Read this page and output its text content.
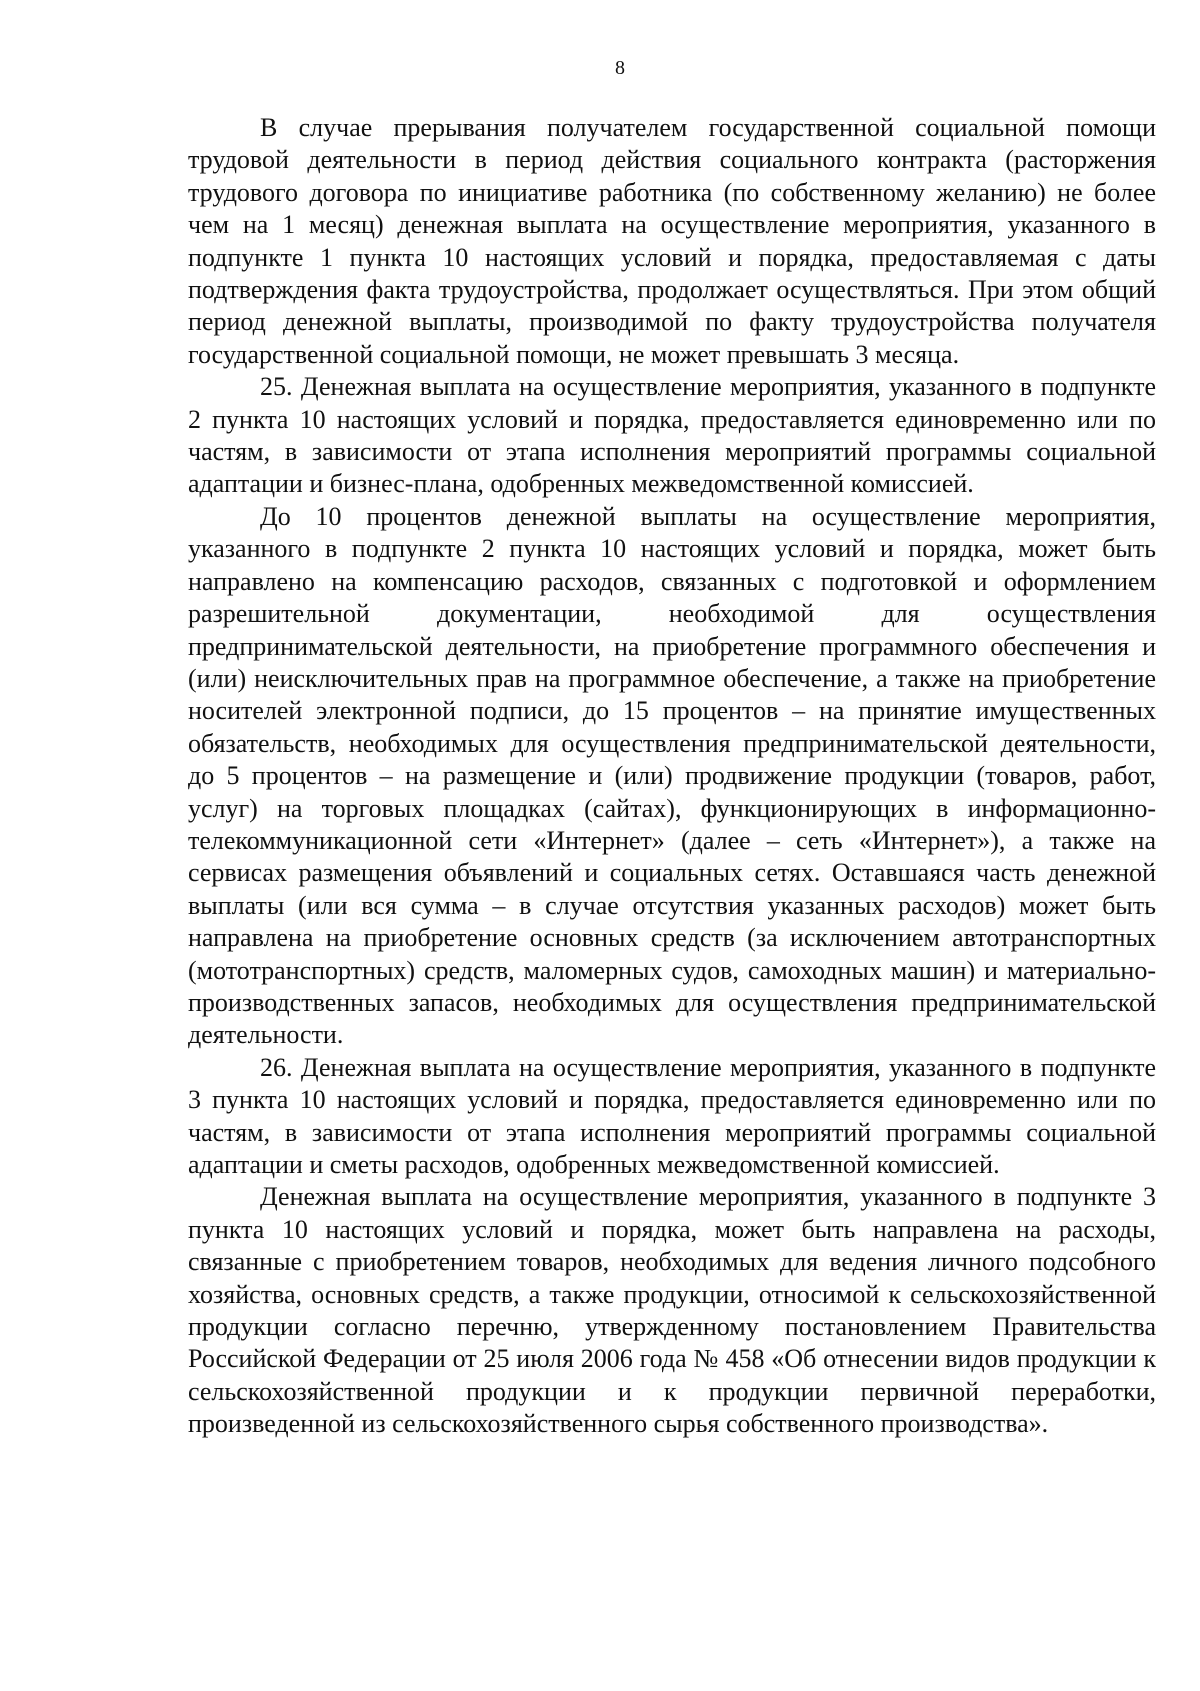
8

В случае прерывания получателем государственной социальной помощи трудовой деятельности в период действия социального контракта (расторжения трудового договора по инициативе работника (по собственному желанию) не более чем на 1 месяц) денежная выплата на осуществление мероприятия, указанного в подпункте 1 пункта 10 настоящих условий и порядка, предоставляемая с даты подтверждения факта трудоустройства, продолжает осуществляться. При этом общий период денежной выплаты, производимой по факту трудоустройства получателя государственной социальной помощи, не может превышать 3 месяца.

25. Денежная выплата на осуществление мероприятия, указанного в подпункте 2 пункта 10 настоящих условий и порядка, предоставляется единовременно или по частям, в зависимости от этапа исполнения мероприятий программы социальной адаптации и бизнес-плана, одобренных межведомственной комиссией.

До 10 процентов денежной выплаты на осуществление мероприятия, указанного в подпункте 2 пункта 10 настоящих условий и порядка, может быть направлено на компенсацию расходов, связанных с подготовкой и оформлением разрешительной документации, необходимой для осуществления предпринимательской деятельности, на приобретение программного обеспечения и (или) неисключительных прав на программное обеспечение, а также на приобретение носителей электронной подписи, до 15 процентов – на принятие имущественных обязательств, необходимых для осуществления предпринимательской деятельности, до 5 процентов – на размещение и (или) продвижение продукции (товаров, работ, услуг) на торговых площадках (сайтах), функционирующих в информационно-телекоммуникационной сети «Интернет» (далее – сеть «Интернет»), а также на сервисах размещения объявлений и социальных сетях. Оставшаяся часть денежной выплаты (или вся сумма – в случае отсутствия указанных расходов) может быть направлена на приобретение основных средств (за исключением автотранспортных (мототранспортных) средств, маломерных судов, самоходных машин) и материально-производственных запасов, необходимых для осуществления предпринимательской деятельности.

26. Денежная выплата на осуществление мероприятия, указанного в подпункте 3 пункта 10 настоящих условий и порядка, предоставляется единовременно или по частям, в зависимости от этапа исполнения мероприятий программы социальной адаптации и сметы расходов, одобренных межведомственной комиссией.

Денежная выплата на осуществление мероприятия, указанного в подпункте 3 пункта 10 настоящих условий и порядка, может быть направлена на расходы, связанные с приобретением товаров, необходимых для ведения личного подсобного хозяйства, основных средств, а также продукции, относимой к сельскохозяйственной продукции согласно перечню, утвержденному постановлением Правительства Российской Федерации от 25 июля 2006 года № 458 «Об отнесении видов продукции к сельскохозяйственной продукции и к продукции первичной переработки, произведенной из сельскохозяйственного сырья собственного производства».
